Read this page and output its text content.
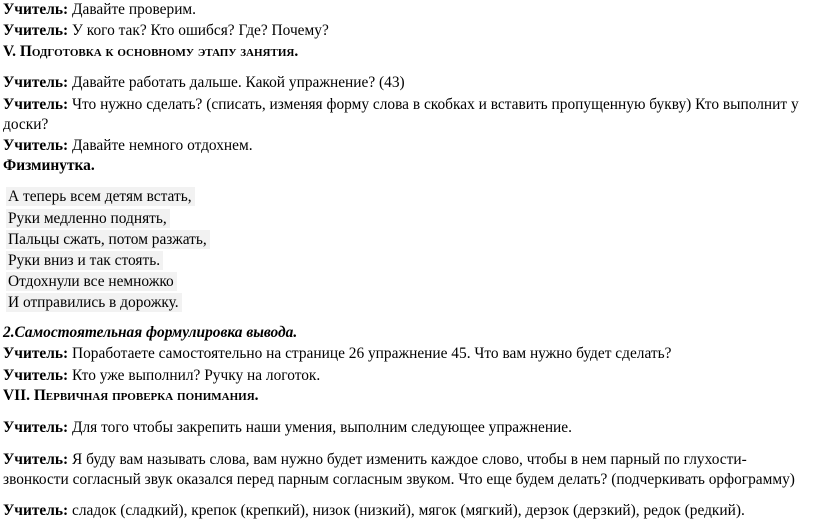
Учитель: Давайте проверим.
Учитель: У кого так? Кто ошибся? Где? Почему?
V. Подготовка к основному этапу занятия.
Учитель: Давайте работать дальше. Какой упражнение? (43)
Учитель: Что нужно сделать? (списать, изменяя форму слова в скобках и вставить пропущенную букву) Кто выполнит у
доски?
Учитель: Давайте немного отдохнем.
Физминутка.
А теперь всем детям встать,
Руки медленно поднять,
Пальцы сжать, потом разжать,
Руки вниз и так стоять.
Отдохнули все немножко
И отправились в дорожку.
2.Самостоятельная формулировка вывода.
Учитель: Поработаете самостоятельно на странице 26 упражнение 45. Что вам нужно будет сделать?
Учитель: Кто уже выполнил? Ручку на логоток.
VII. Первичная проверка понимания.
Учитель: Для того чтобы закрепить наши умения, выполним следующее упражнение.
Учитель: Я буду вам называть слова, вам нужно будет изменить каждое слово, чтобы в нем парный по глухости-
звонкости согласный звук оказался перед парным согласным звуком. Что еще будем делать? (подчеркивать орфограмму)
Учитель: сладок (сладкий), крепок (крепкий), низок (низкий), мягок (мягкий), дерзок (дерзкий), редок (редкий).
